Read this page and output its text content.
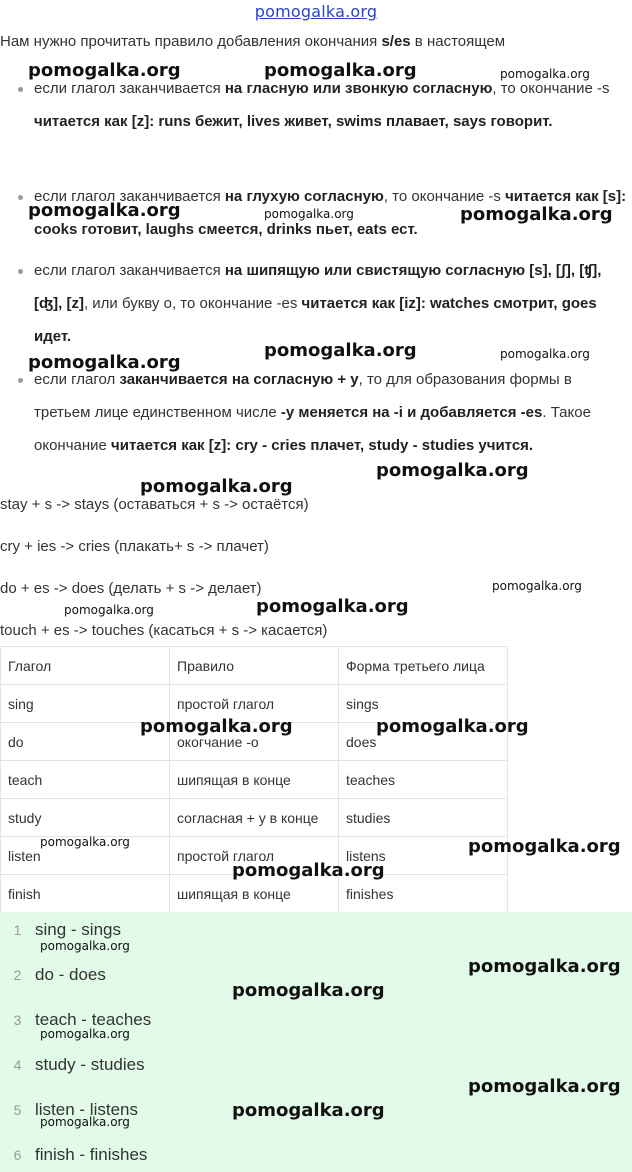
pomogalka.org
Нам нужно прочитать правило добавления окончания s/es в настоящем
если глагол заканчивается на гласную или звонкую согласную, то окончание -s читается как [z]: runs бежит, lives живет, swims плавает, says говорит.
если глагол заканчивается на глухую согласную, то окончание -s читается как [s]: cooks готовит, laughs смеется, drinks пьет, eats ест.
если глагол заканчивается на шипящую или свистящую согласную [s], [ʃ], [ʧ], [ʤ], [z], или букву о, то окончание -es читается как [iz]: watches смотрит, goes идет.
если глагол заканчивается на согласную + y, то для образования формы в третьем лице единственном числе -y меняется на -i и добавляется -es. Такое окончание читается как [z]: cry - cries плачет, study - studies учится.
stay + s -> stays (оставаться + s -> остаётся)
cry + ies -> cries (плакать+ s -> плачет)
do + es -> does (делать + s -> делает)
touch + es -> touches (касаться + s -> касается)
Глагол	Правило	Форма третьего лица
sing	простой глагол	sings
do	окогчание -о	does
teach	шипящая в конце	teaches
study	согласная + у в конце	studies
listen	простой глагол	listens
finish	шипящая в конце	finishes
1 sing - sings
2 do - does
3 teach - teaches
4 study - studies
5 listen - listens
6 finish - finishes
pomogalka.org	pomogalka.org	pomogalka.org
pomogalka.org	pomogalka.org	pomogalka.org
pomogalka.org
pomogalka.org	pomogalka.org
pomogalka.org
pomogalka.org
pomogalka.org
pomogalka.org	pomogalka.org
pomogalka.org	pomogalka.org
pomogalka.org	pomogalka.org
pomogalka.org
pomogalka.org
pomogalka.org
pomogalka.org
pomogalka.org
pomogalka.org
pomogalka.org
pomogalka.org
